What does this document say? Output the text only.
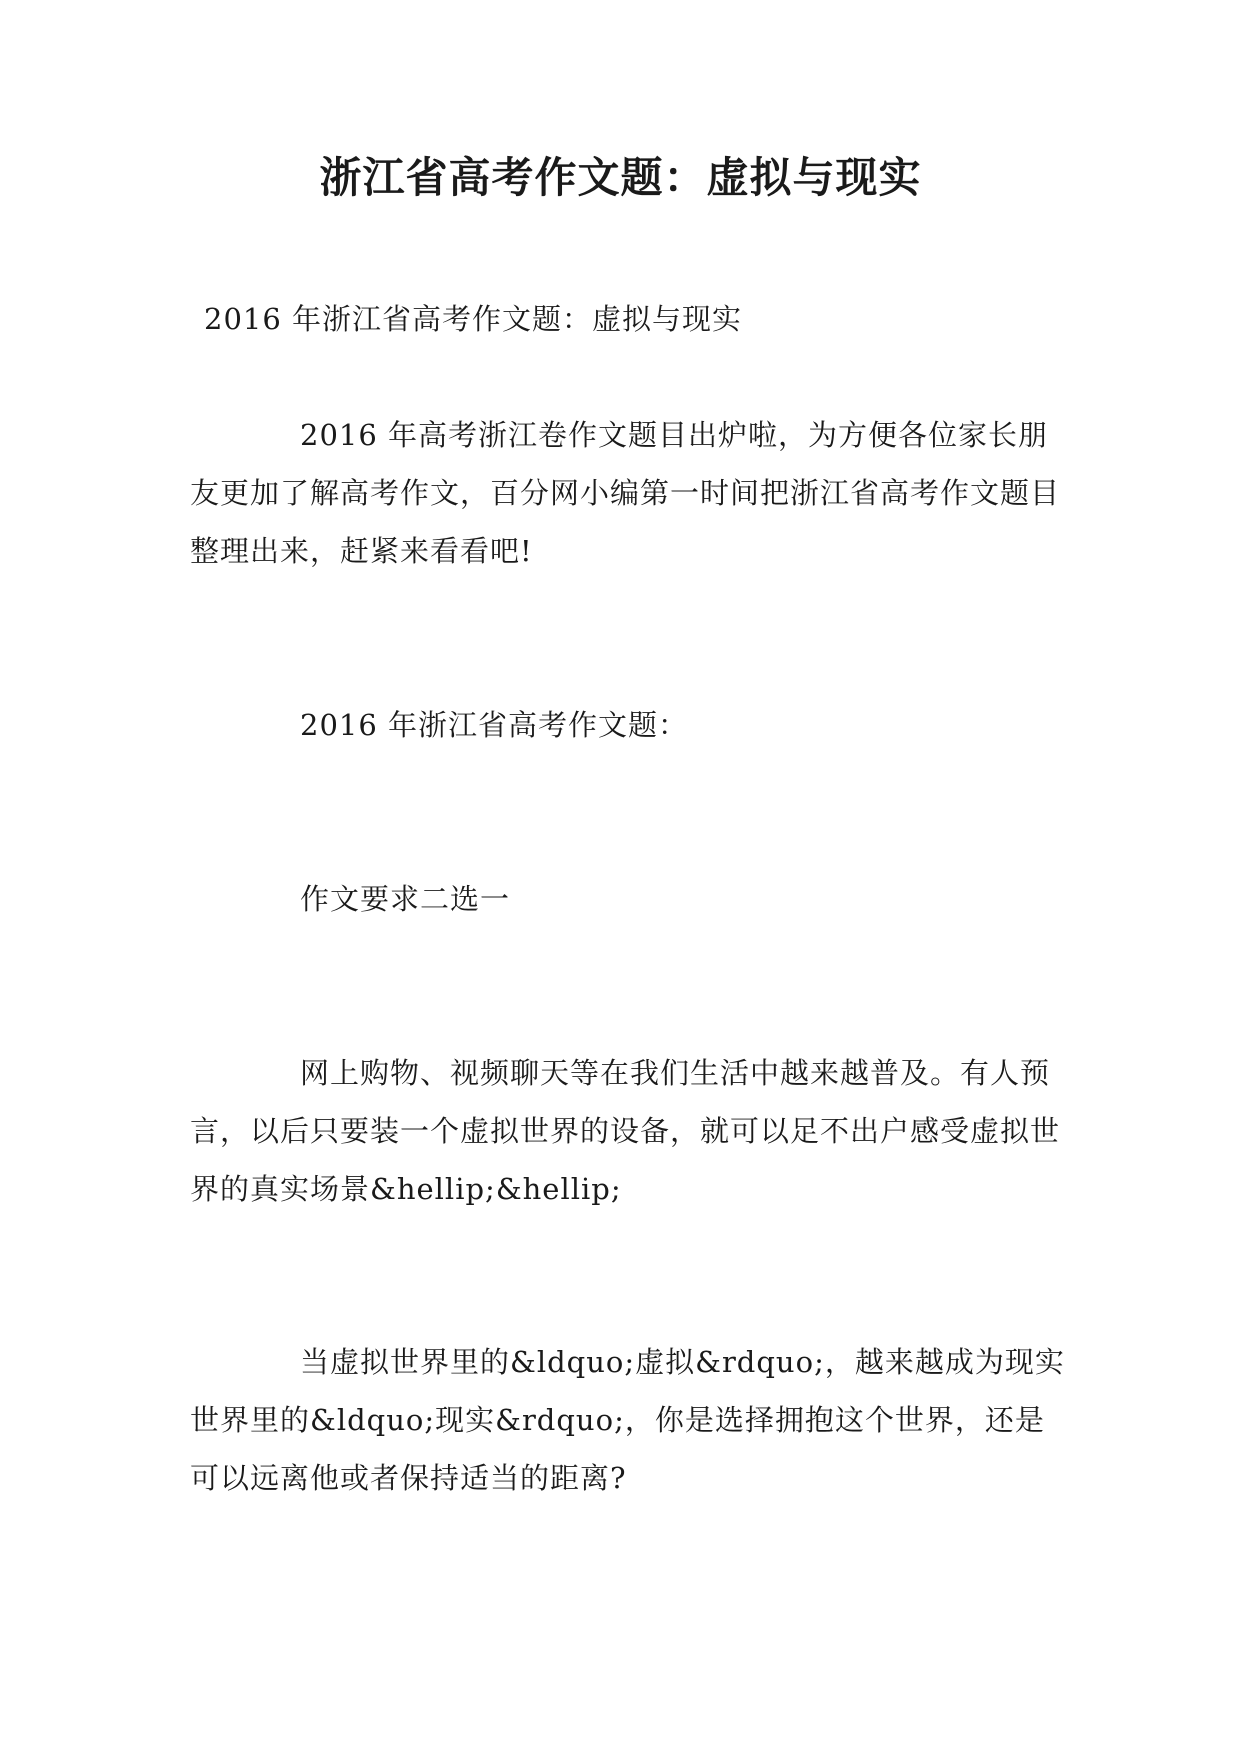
浙江省高考作文题：虚拟与现实

2016 年浙江省高考作文题：虚拟与现实

2016 年高考浙江卷作文题目出炉啦，为方便各位家长朋友更加了解高考作文，百分网小编第一时间把浙江省高考作文题目整理出来，赶紧来看看吧!

2016 年浙江省高考作文题：

作文要求二选一

网上购物、视频聊天等在我们生活中越来越普及。有人预言，以后只要装一个虚拟世界的设备，就可以足不出户感受虚拟世界的真实场景&hellip;&hellip;

当虚拟世界里的&ldquo;虚拟&rdquo;，越来越成为现实世界里的&ldquo;现实&rdquo;，你是选择拥抱这个世界，还是可以远离他或者保持适当的距离?
